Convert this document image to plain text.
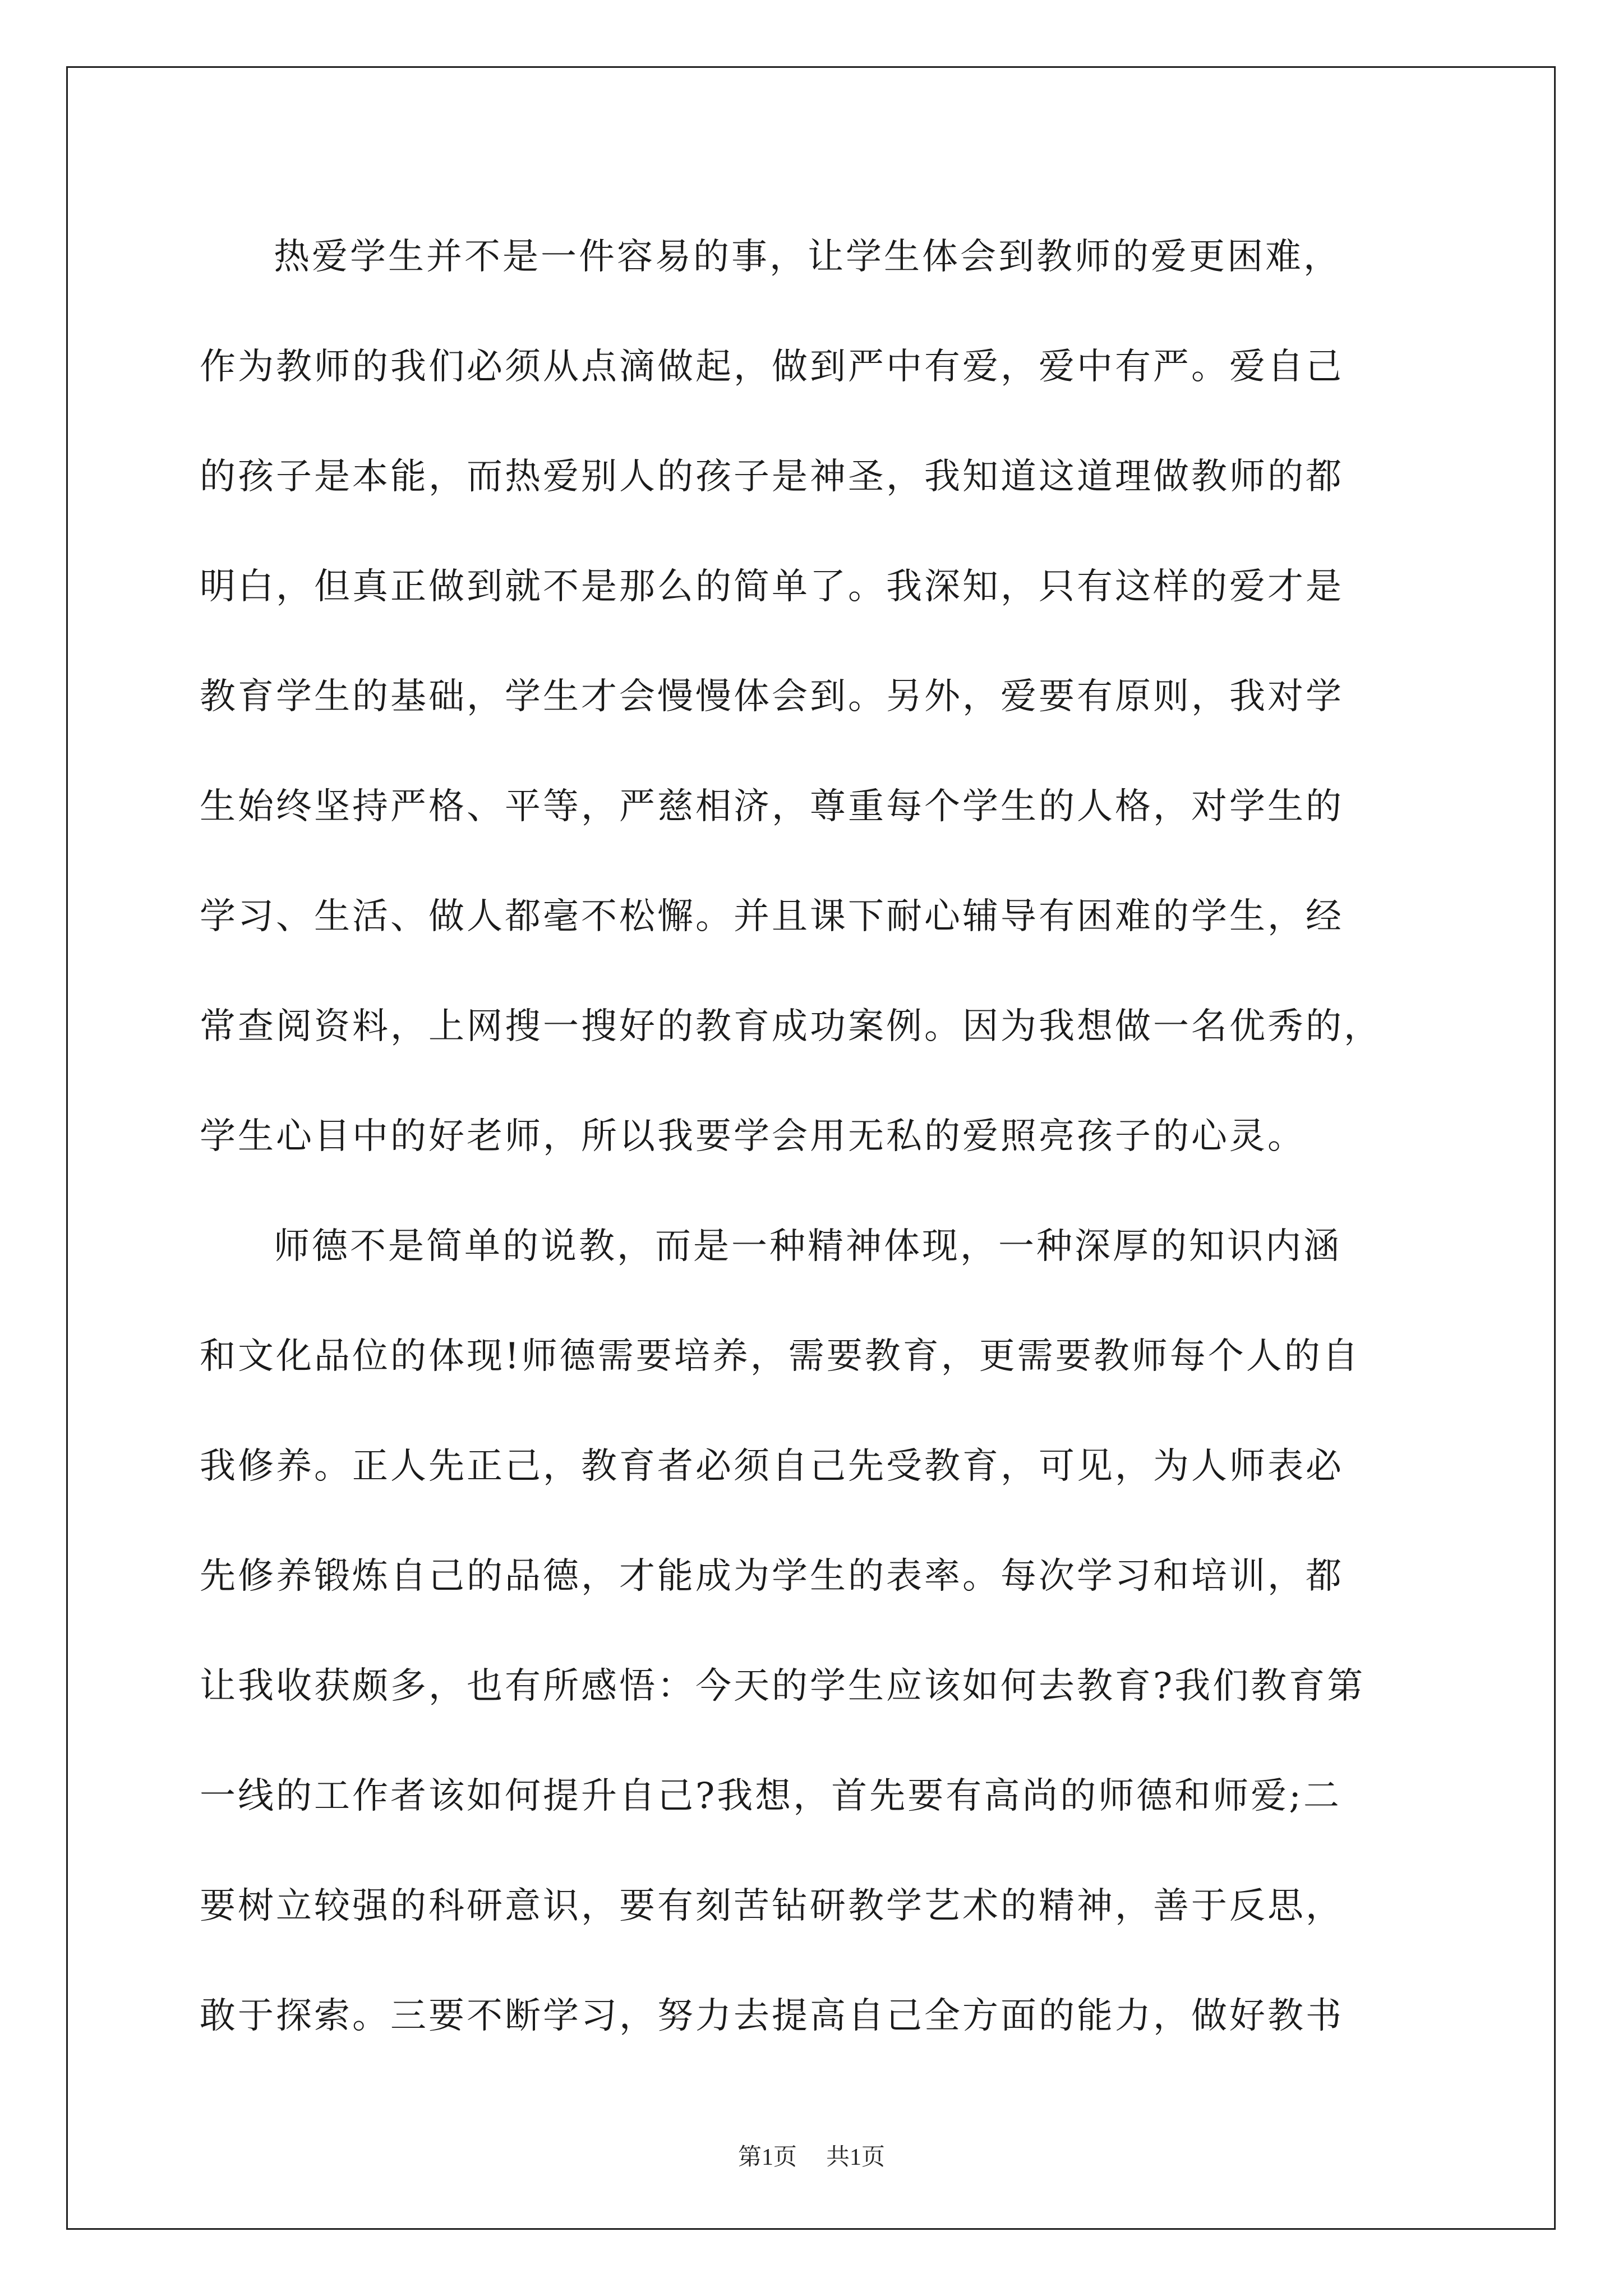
热爱学生并不是一件容易的事，让学生体会到教师的爱更困难，
作为教师的我们必须从点滴做起，做到严中有爱，爱中有严。爱自己
的孩子是本能，而热爱别人的孩子是神圣，我知道这道理做教师的都
明白，但真正做到就不是那么的简单了。我深知，只有这样的爱才是
教育学生的基础，学生才会慢慢体会到。另外，爱要有原则，我对学
生始终坚持严格、平等，严慈相济，尊重每个学生的人格，对学生的
学习、生活、做人都毫不松懈。并且课下耐心辅导有困难的学生，经
常查阅资料，上网搜一搜好的教育成功案例。因为我想做一名优秀的，
学生心目中的好老师，所以我要学会用无私的爱照亮孩子的心灵。
师德不是简单的说教，而是一种精神体现，一种深厚的知识内涵
和文化品位的体现!师德需要培养，需要教育，更需要教师每个人的自
我修养。正人先正己，教育者必须自己先受教育，可见，为人师表必
先修养锻炼自己的品德，才能成为学生的表率。每次学习和培训，都
让我收获颇多，也有所感悟：今天的学生应该如何去教育?我们教育第
一线的工作者该如何提升自己?我想，首先要有高尚的师德和师爱;二
要树立较强的科研意识，要有刻苦钻研教学艺术的精神，善于反思，
敢于探索。三要不断学习，努力去提高自己全方面的能力，做好教书
第1页 共1页
